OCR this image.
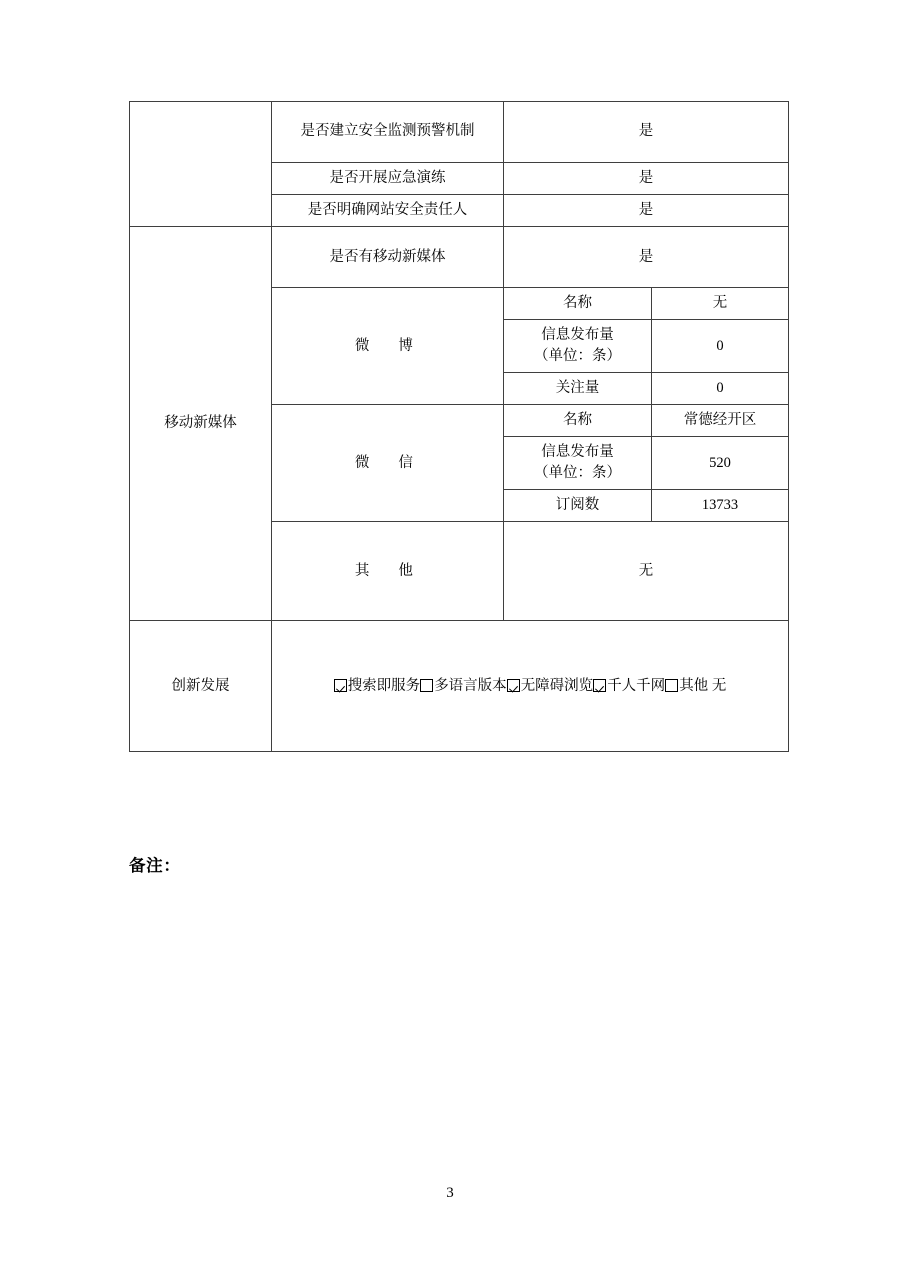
	是否建立安全监测预警机制	是	
	是否开展应急演练	是	
	是否明确网站安全责任人	是	
移动新媒体	是否有移动新媒体	是	
	微　博	名称	无

		信息发布量
（单位：条）	0
		关注量	0
	微　信	名称	常德经开区

		信息发布量
（单位：条）	520
		订阅数	13733
	其　他	无	
创新发展	搜索即服务 多语言版本 无障碍浏览 千人千网 其他 无		
备注：
3
